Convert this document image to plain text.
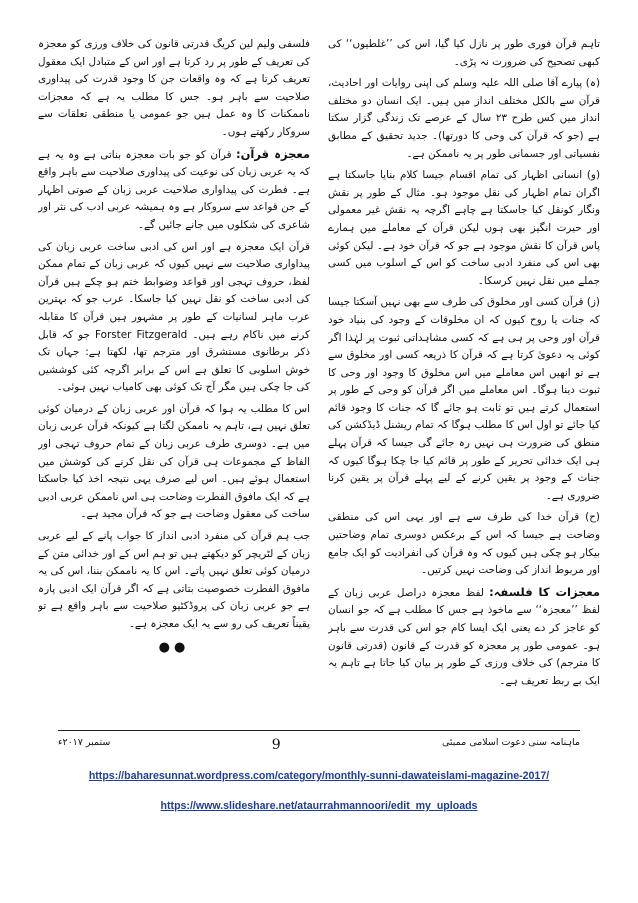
تاہم قرآن فوری طور پر نازل کیا گیا، اس کی ’’غلطیوں‘‘ کی کبھی تصحیح کی ضرورت نہ پڑی۔

(ہ) پیارے آقا صلی اللہ علیہ وسلم کی اپنی روایات اور احادیث، قرآن سے بالکل مختلف انداز میں ہیں۔ ایک انسان دو مختلف انداز میں کس طرح ۲۳ سال کے عرصے تک زندگی گزار سکتا ہے (جو کہ قرآن کی وحی کا دورتھا)۔ جدید تحقیق کے مطابق نفسیاتی اور جسمانی طور پر یہ ناممکن ہے۔

(و) انسانی اظہار کی تمام اقسام جیسا کلام بنایا جاسکتا ہے اگران تمام اظہار کی نقل موجود ہو۔ مثال کے طور پر نقش ونگار کونقل کیا جاسکتا ہے چاہے اگرچہ یہ نقش غیر معمولی اور حیرت انگیز بھی ہوں لیکن قرآن کے معاملے میں ہمارے پاس قرآن کا نقش موجود ہے جو کہ قرآن خود ہے۔ لیکن کوئی بھی اس کی منفرد ادبی ساخت کو اس کے اسلوب میں کسی جملے میں نقل نہیں کرسکا۔

(ز) قرآن کسی اور مخلوق کی طرف سے بھی نہیں آسکتا جیسا کہ جنات یا روح کیوں کہ ان مخلوقات کے وجود کی بنیاد خود قرآن اور وحی پر ہی ہے کہ کسی مشاہداتی ثبوت پر لہٰذا اگر کوئی یہ دعویٰ کرتا ہے کہ قرآن کا ذریعہ کسی اور مخلوق سے ہے تو انھیں اس معاملے میں اس مخلوق کا وجود اور وحی کا ثبوت دینا ہوگا۔ اس معاملے میں اگر قرآن کو وحی کے طور پر استعمال کرتے ہیں تو ثابت ہو جائے گا کہ جنات کا وجود قائم کیا جائے تو اول اس کا مطلب ہوگا کہ تمام ریشنل ڈیڈکشن کی منطق کی ضرورت ہی نہیں رہ جائے گی جیسا کہ قرآن پہلے ہی ایک خدائی تحریر کے طور پر قائم کیا جا چکا ہوگا کیوں کہ جنات کے وجود پر یقین کرنے کے لیے پہلے قرآن پر یقین کرنا ضروری ہے۔

(ح) قرآن خدا کی طرف سے ہے اور یہی اس کی منطقی وضاحت ہے جیسا کہ اس کے برعکس دوسری تمام وضاحتیں بیکار ہو چکی ہیں کیوں کہ وہ قرآن کی انفرادیت کو ایک جامع اور مربوط انداز کی وضاحت نہیں کرتیں۔

معجزات کا فلسفہ: لفظ معجزہ دراصل عربی زبان کے لفظ ’’معجزہ‘‘ سے ماخوذ ہے جس کا مطلب ہے کہ جو انسان کو عاجز کر دے یعنی ایک ایسا کام جو اس کی قدرت سے باہر ہو۔ عمومی طور پر معجزہ کو قدرت کے قانون (قدرتی قانون کا مترجم) کی خلاف ورزی کے طور پر بیان کیا جاتا ہے تاہم یہ ایک بے ربط تعریف ہے۔

فلسفی ولیم لین کریگ قدرتی قانون کی خلاف ورزی کو معجزہ کی تعریف کے طور پر رد کرتا ہے اور اس کے متبادل ایک معقول تعریف کرتا ہے کہ وہ واقعات جن کا وجود قدرت کی پیداوری صلاحیت سے باہر ہو۔ جس کا مطلب یہ ہے کہ معجزات ناممکنات کا وہ عمل ہیں جو عمومی یا منطقی تعلقات سے سروکار رکھتے ہوں۔

معجزہ قرآن: قرآن کو جو بات معجزہ بناتی ہے وہ یہ ہے کہ یہ عربی زبان کی نوعیت کی پیداوری صلاحیت سے باہر واقع ہے۔ فطرت کی پیداواری صلاحیت عربی زبان کے صوتی اظہار کے جن قواعد سے سروکار ہے وہ ہمیشہ عربی ادب کی نثر اور شاعری کی شکلوں میں جانے جائیں گے۔

قرآن ایک معجزہ ہے اور اس کی ادبی ساخت عربی زبان کی پیداواری صلاحیت سے نہیں کیوں کہ عربی زبان کے تمام ممکن لفظ، حروف تہجی اور قواعد وضوابط ختم ہو چکے ہیں قرآن کی ادبی ساخت کو نقل نہیں کیا جاسکا۔ عرب جو کہ بہترین عرب ماہر لسانیات کے طور پر مشہور ہیں قرآن کا مقابلہ کرنے میں ناکام رہے ہیں۔ Forster Fitzgerald جو کہ قابل ذکر برطانوی مستشرق اور مترجم تھا، لکھتا ہے: جہاں تک خوش اسلوبی کا تعلق ہے اس کے برابر اگرچہ کئی کوششیں کی جا چکی ہیں مگر آج تک کوئی بھی کامیاب نہیں ہوئی۔

اس کا مطلب یہ ہوا کہ قرآن اور عربی زبان کے درمیان کوئی تعلق نہیں ہے، تاہم یہ ناممکن لگتا ہے کیونکہ قرآن عربی زبان میں ہے۔ دوسری طرف عربی زبان کے تمام حروف تہجی اور الفاظ کے مجموعات ہی قرآن کی نقل کرنے کی کوشش میں استعمال ہوئے ہیں۔ اس لیے صرف یہی نتیجہ اخذ کیا جاسکتا ہے کہ ایک مافوق الفطرت وضاحت ہی اس ناممکن عربی ادبی ساخت کی معقول وضاحت ہے جو کہ قرآن مجید ہے۔

جب ہم قرآن کی منفرد ادبی انداز کا جواب پانے کے لیے عربی زبان کے لٹریچر کو دیکھتے ہیں تو ہم اس کے اور خدائی متن کے درمیان کوئی تعلق نہیں پاتے۔ اس کا یہ ناممکن بننا، اس کی یہ مافوق الفطرت خصوصیت بتاتی ہے کہ اگر قرآن ایک ادبی پارہ ہے جو عربی زبان کی پروڈکٹیو صلاحیت سے باہر واقع ہے تو یقیناً تعریف کی رو سے یہ ایک معجزہ ہے۔

●●
ستمبر ۲۰۱۷ء	9	ماہنامہ سنی دعوت اسلامی ممبئی
https://baharesunnat.wordpress.com/category/monthly-sunni-dawateislami-magazine-2017/
https://www.slideshare.net/ataurrahmannoori/edit_my_uploads
